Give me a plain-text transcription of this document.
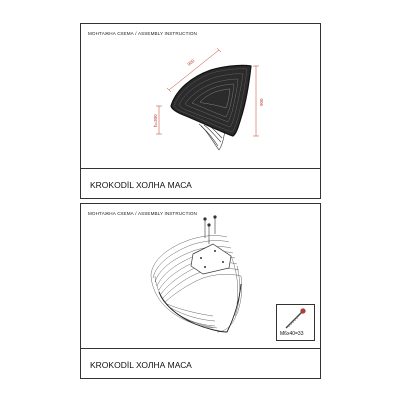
МОНТАЖНА СХЕМА / ASSEMBLY INSTRUCTION
900
900
h=300
KROKODİL ХОЛНА МАСА
МОНТАЖНА СХЕМА / ASSEMBLY INSTRUCTION
M6x40=33
KROKODİL ХОЛНА МАСА
